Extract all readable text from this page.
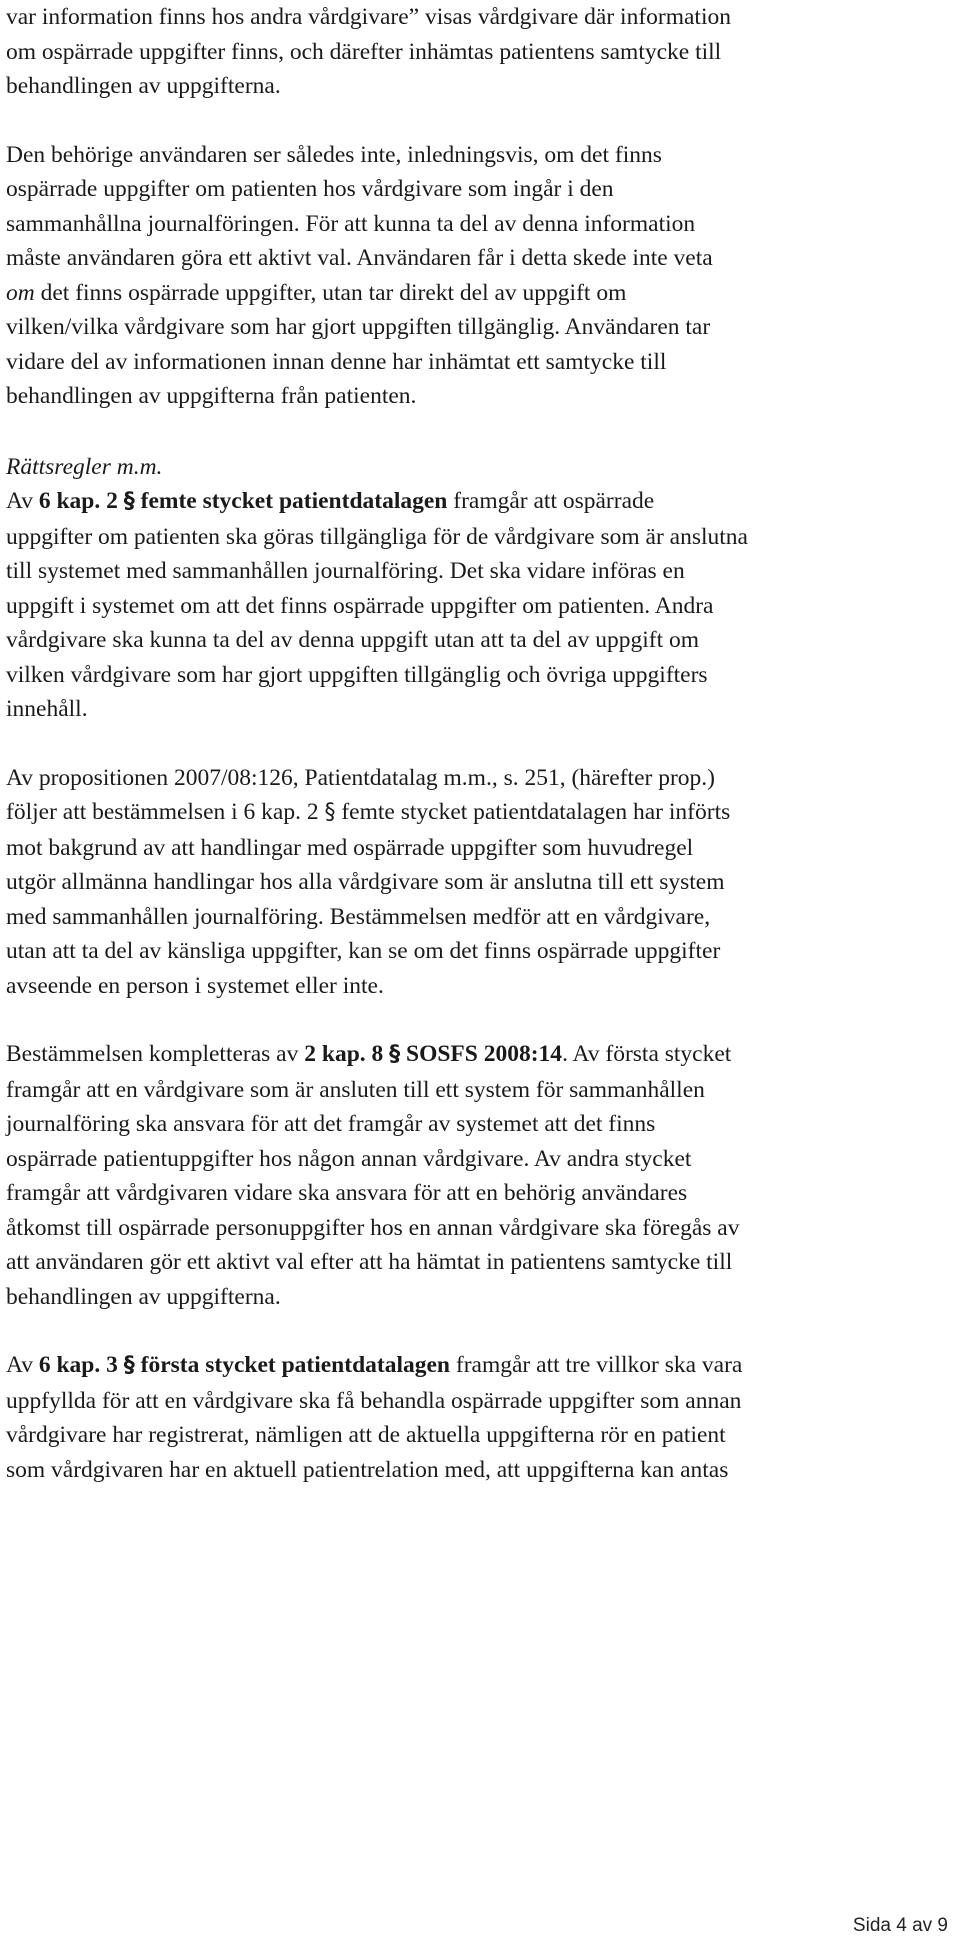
var information finns hos andra vårdgivare” visas vårdgivare där information
om ospärrade uppgifter finns, och därefter inhämtas patientens samtycke till
behandlingen av uppgifterna.
Den behörige användaren ser således inte, inledningsvis, om det finns
ospärrade uppgifter om patienten hos vårdgivare som ingår i den
sammanhållna journalföringen. För att kunna ta del av denna information
måste användaren göra ett aktivt val. Användaren får i detta skede inte veta
om det finns ospärrade uppgifter, utan tar direkt del av uppgift om
vilken/vilka vårdgivare som har gjort uppgiften tillgänglig. Användaren tar
vidare del av informationen innan denne har inhämtat ett samtycke till
behandlingen av uppgifterna från patienten.
Rättsregler m.m.
Av 6 kap. 2 § femte stycket patientdatalagen framgår att ospärrade
uppgifter om patienten ska göras tillgängliga för de vårdgivare som är anslutna
till systemet med sammanhållen journalföring. Det ska vidare införas en
uppgift i systemet om att det finns ospärrade uppgifter om patienten. Andra
vårdgivare ska kunna ta del av denna uppgift utan att ta del av uppgift om
vilken vårdgivare som har gjort uppgiften tillgänglig och övriga uppgifters
innehåll.
Av propositionen 2007/08:126, Patientdatalag m.m., s. 251, (härefter prop.)
följer att bestämmelsen i 6 kap. 2 § femte stycket patientdatalagen har införts
mot bakgrund av att handlingar med ospärrade uppgifter som huvudregel
utgör allmänna handlingar hos alla vårdgivare som är anslutna till ett system
med sammanhållen journalföring. Bestämmelsen medför att en vårdgivare,
utan att ta del av känsliga uppgifter, kan se om det finns ospärrade uppgifter
avseende en person i systemet eller inte.
Bestämmelsen kompletteras av 2 kap. 8 § SOSFS 2008:14. Av första stycket
framgår att en vårdgivare som är ansluten till ett system för sammanhållen
journalföring ska ansvara för att det framgår av systemet att det finns
ospärrade patientuppgifter hos någon annan vårdgivare. Av andra stycket
framgår att vårdgivaren vidare ska ansvara för att en behörig användares
åtkomst till ospärrade personuppgifter hos en annan vårdgivare ska föregås av
att användaren gör ett aktivt val efter att ha hämtat in patientens samtycke till
behandlingen av uppgifterna.
Av 6 kap. 3 § första stycket patientdatalagen framgår att tre villkor ska vara
uppfyllda för att en vårdgivare ska få behandla ospärrade uppgifter som annan
vårdgivare har registrerat, nämligen att de aktuella uppgifterna rör en patient
som vårdgivaren har en aktuell patientrelation med, att uppgifterna kan antas
Sida 4 av 9
